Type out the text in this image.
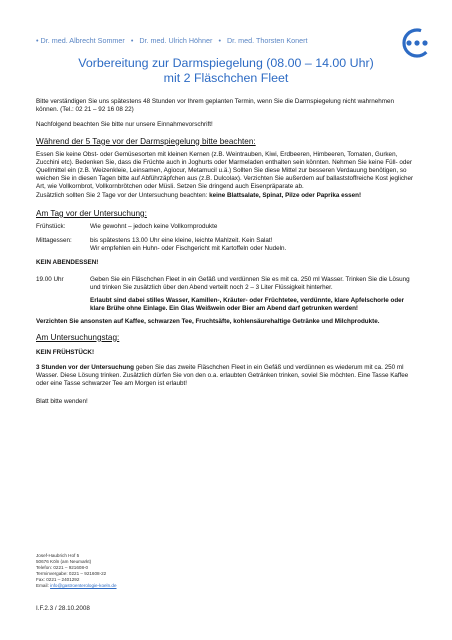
• Dr. med. Albrecht Sommer • Dr. med. Ulrich Höhner • Dr. med. Thorsten Konert
Vorbereitung zur Darmspiegelung (08.00 – 14.00 Uhr)
mit 2 Fläschchen Fleet

Bitte verständigen Sie uns spätestens 48 Stunden vor Ihrem geplanten Termin, wenn Sie die Darmspiegelung nicht wahrnehmen können. (Tel.: 02 21 – 92 16 08 22)

Nachfolgend beachten Sie bitte nur unsere Einnahmevorschrift!

Während der 5 Tage vor der Darmspiegelung bitte beachten:

Essen Sie keine Obst- oder Gemüsesorten mit kleinen Kernen (z.B. Weintrauben, Kiwi, Erdbeeren, Himbeeren, Tomaten, Gurken, Zucchini etc). Bedenken Sie, dass die Früchte auch in Joghurts oder Marmeladen enthalten sein könnten. Nehmen Sie keine Füll- oder Quellmittel ein (z.B. Weizenkleie, Leinsamen, Agiocur, Metamucil u.ä.) Sollten Sie diese Mittel zur besseren Verdauung benötigen, so weichen Sie in diesen Tagen bitte auf Abführzäpfchen aus (z.B. Dulcolax). Verzichten Sie außerdem auf ballaststoffreiche Kost jeglicher Art, wie Vollkornbrot, Vollkornbrötchen oder Müsli. Setzen Sie dringend auch Eisenpräparate ab.
Zusätzlich sollten Sie 2 Tage vor der Untersuchung beachten: keine Blattsalate, Spinat, Pilze oder Paprika essen!

Am Tag vor der Untersuchung:
Frühstück:	Wie gewohnt – jedoch keine Vollkornprodukte
Mittagessen:	bis spätestens 13.00 Uhr eine kleine, leichte Mahlzeit. Kein Salat!
Wir empfehlen ein Huhn- oder Fischgericht mit Kartoffeln oder Nudeln.

KEIN ABENDESSEN!

19.00 Uhr	Geben Sie ein Fläschchen Fleet in ein Gefäß und verdünnen Sie es mit ca. 250 ml Wasser. Trinken Sie die Lösung und trinken Sie zusätzlich über den Abend verteilt noch 2 – 3 Liter Flüssigkeit hinterher.

Erlaubt sind dabei stilles Wasser, Kamillen-, Kräuter- oder Früchtetee, verdünnte, klare Apfelschorle oder klare Brühe ohne Einlage. Ein Glas Weißwein oder Bier am Abend darf getrunken werden!

Verzichten Sie ansonsten auf Kaffee, schwarzen Tee, Fruchtsäfte, kohlensäurehaltige Getränke und Milchprodukte.

Am Untersuchungstag:

KEIN FRÜHSTÜCK!

3 Stunden vor der Untersuchung geben Sie das zweite Fläschchen Fleet in ein Gefäß und verdünnen es wiederum mit ca. 250 ml Wasser. Diese Lösung trinken. Zusätzlich dürfen Sie von den o.a. erlaubten Getränken trinken, soviel Sie möchten. Eine Tasse Kaffee oder eine Tasse schwarzer Tee am Morgen ist erlaubt!

Blatt bitte wenden!

Josef-Haubrich Hof 5
50676 Köln (am Neumarkt)
Telefon: 0221 – 921608-0
Terminvergabe: 0221 – 921608-22
Fax: 0221 – 2401292
Email: info@gastroenterologie-koeln.de
I.F.2.3 / 28.10.2008
